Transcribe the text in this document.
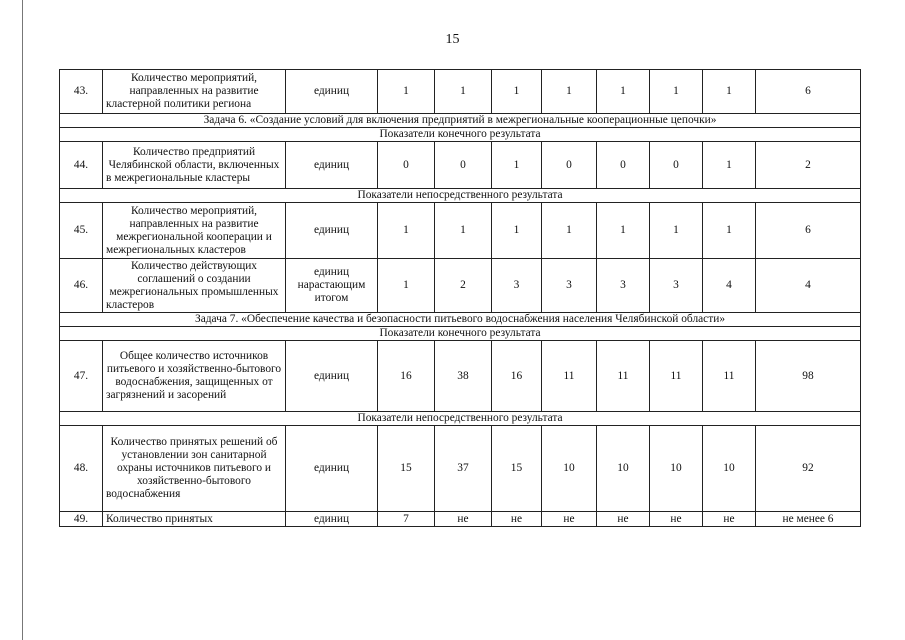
15
43.	Количество мероприятий, направленных на развитие кластерной политики региона	единиц	1	1	1	1	1	1	1	6
Задача 6. «Создание условий для включения предприятий в межрегиональные кооперационные цепочки»										
Показатели конечного результата										
44.	Количество предприятий Челябинской области, включенных в межрегиональные кластеры	единиц	0	0	1	0	0	0	1	2
Показатели непосредственного результата										
45.	Количество мероприятий, направленных на развитие межрегиональной кооперации и межрегиональных кластеров	единиц	1	1	1	1	1	1	1	6
46.	Количество действующих соглашений о создании межрегиональных промышленных кластеров	единиц нарастающим итогом	1	2	3	3	3	3	4	4
Задача 7. «Обеспечение качества и безопасности питьевого водоснабжения населения Челябинской области»										
Показатели конечного результата										
47.	Общее количество источников питьевого и хозяйственно-бытового водоснабжения, защищенных от загрязнений и засорений	единиц	16	38	16	11	11	11	11	98
Показатели непосредственного результата										
48.	Количество принятых решений об установлении зон санитарной охраны источников питьевого и хозяйственно-бытового водоснабжения	единиц	15	37	15	10	10	10	10	92
49.	Количество принятых	единиц	7	не	не	не	не	не	не	не менее 6
